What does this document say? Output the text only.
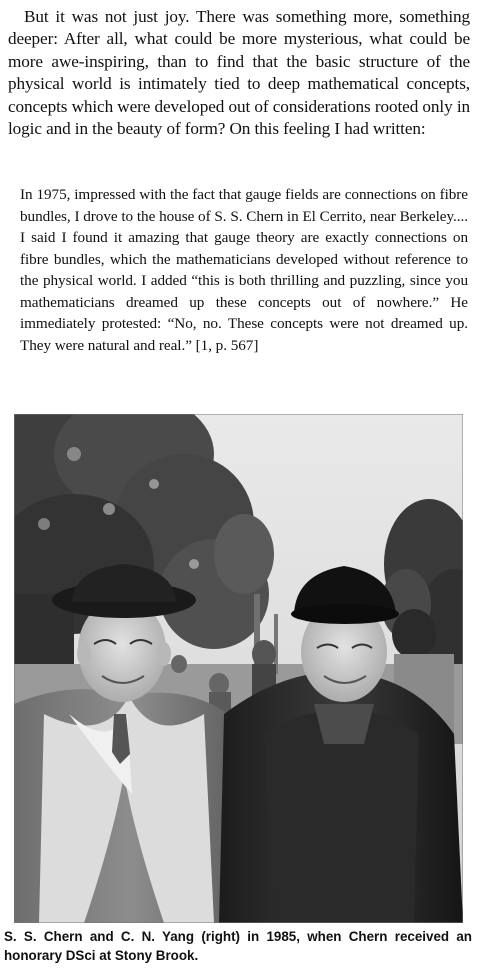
But it was not just joy. There was something more, something deeper: After all, what could be more mysterious, what could be more awe-inspiring, than to find that the basic structure of the physical world is intimately tied to deep mathematical concepts, concepts which were developed out of considerations rooted only in logic and in the beauty of form? On this feeling I had written:
In 1975, impressed with the fact that gauge fields are connections on fibre bundles, I drove to the house of S. S. Chern in El Cerrito, near Berkeley.... I said I found it amazing that gauge theory are exactly connections on fibre bundles, which the mathematicians developed without reference to the physical world. I added “this is both thrilling and puzzling, since you mathematicians dreamed up these concepts out of nowhere.” He immediately protested: “No, no. These concepts were not dreamed up. They were natural and real.” [1, p. 567]
S. S. Chern and C. N. Yang (right) in 1985, when Chern received an honorary DSci at Stony Brook.
